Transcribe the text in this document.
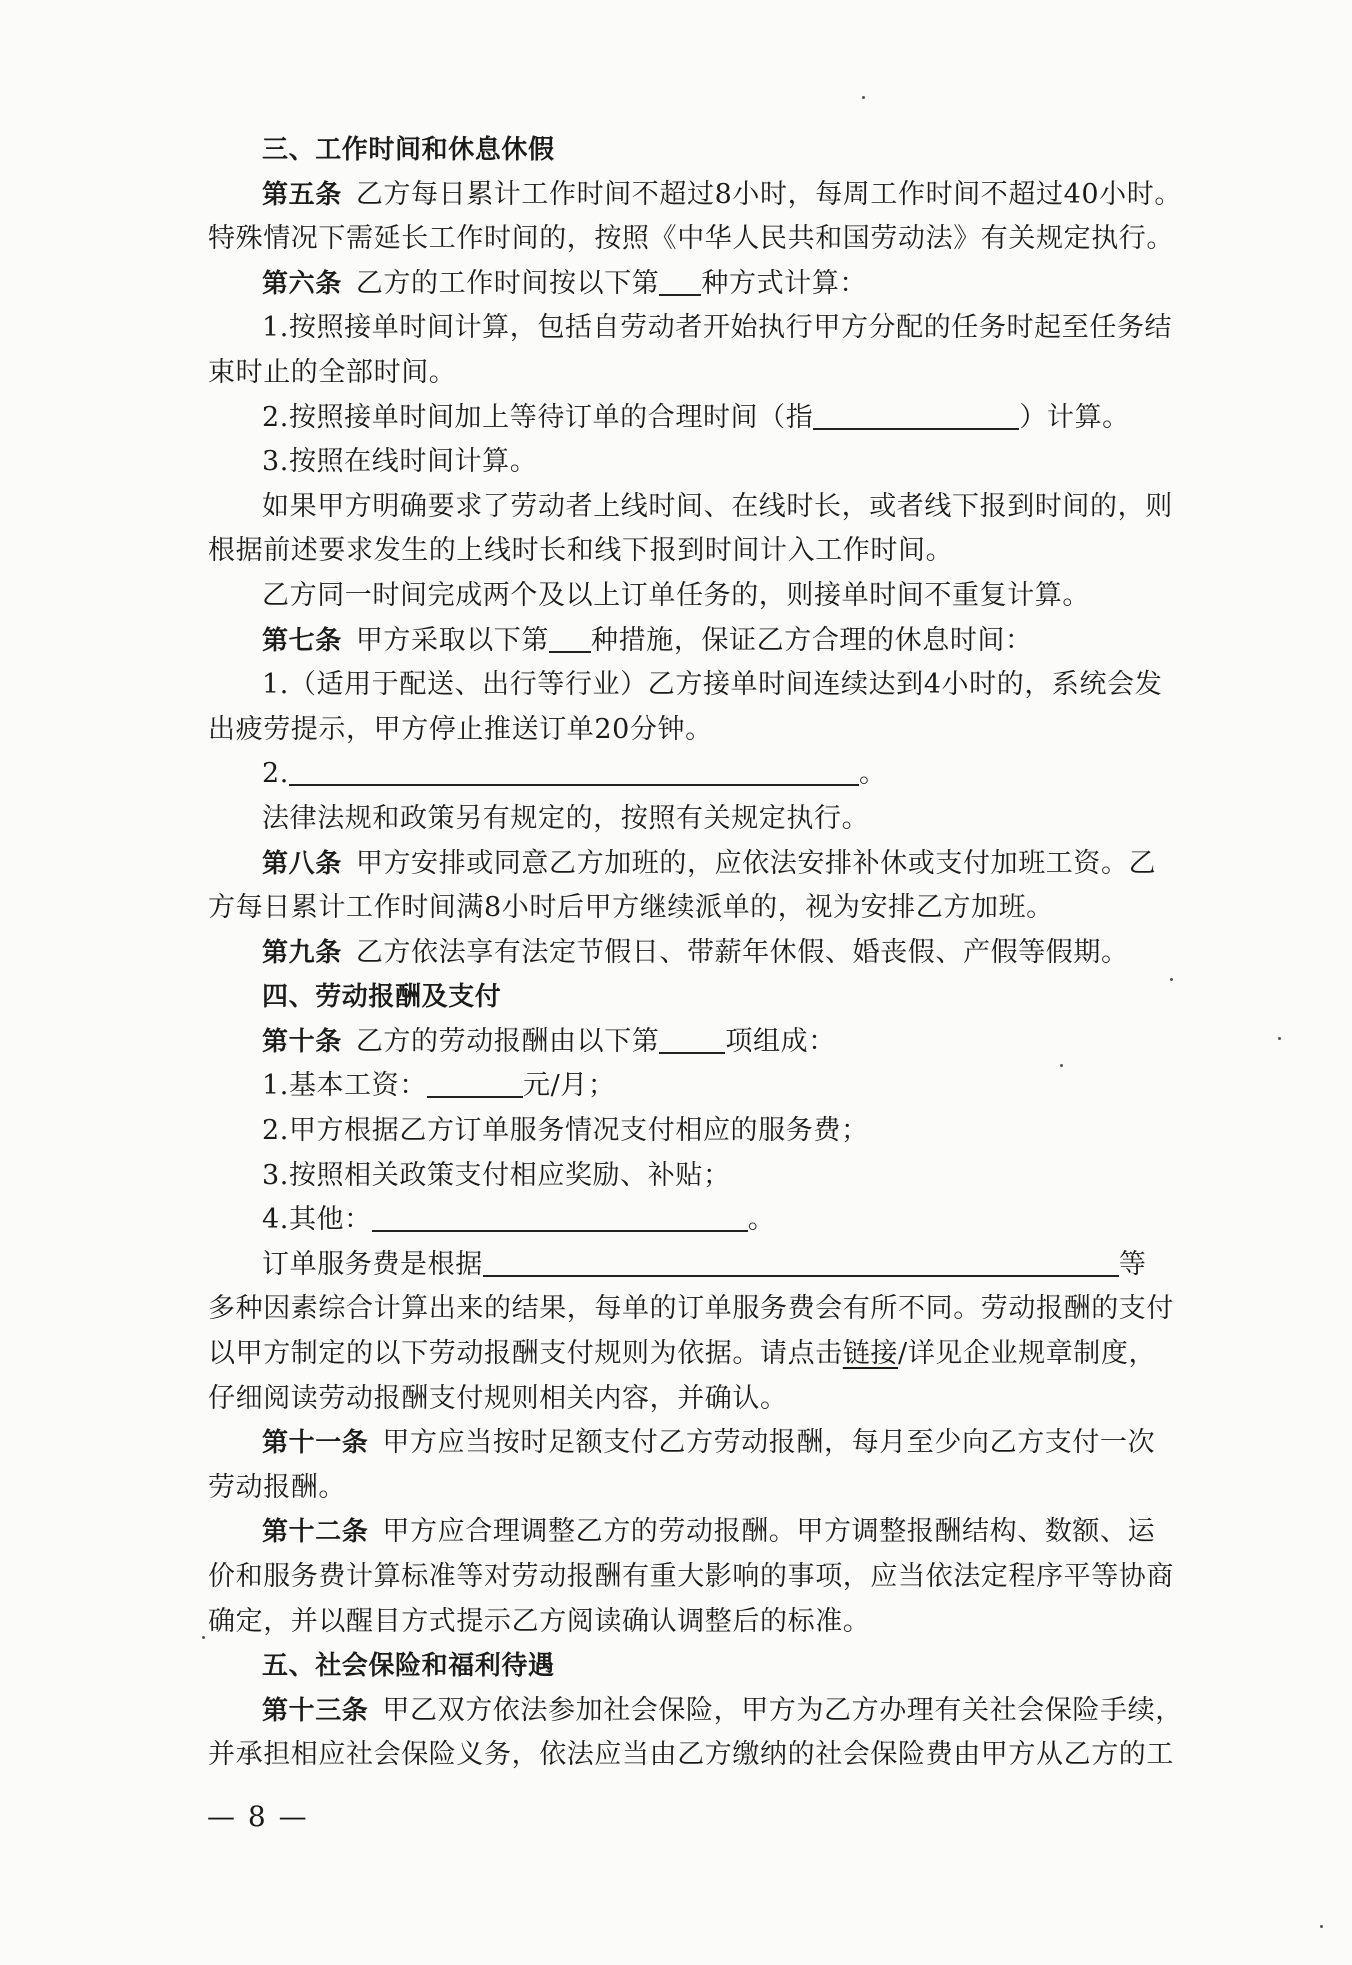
三、工作时间和休息休假
第五条 乙方每日累计工作时间不超过8小时，每周工作时间不超过40小时。
特殊情况下需延长工作时间的，按照《中华人民共和国劳动法》有关规定执行。
第六条 乙方的工作时间按以下第 种方式计算：
1.按照接单时间计算，包括自劳动者开始执行甲方分配的任务时起至任务结
束时止的全部时间。
2.按照接单时间加上等待订单的合理时间（指	）计算。
3.按照在线时间计算。
如果甲方明确要求了劳动者上线时间、在线时长，或者线下报到时间的，则
根据前述要求发生的上线时长和线下报到时间计入工作时间。
乙方同一时间完成两个及以上订单任务的，则接单时间不重复计算。
第七条 甲方采取以下第 种措施，保证乙方合理的休息时间：
1.（适用于配送、出行等行业）乙方接单时间连续达到4小时的，系统会发
出疲劳提示，甲方停止推送订单20分钟。
2.	。
法律法规和政策另有规定的，按照有关规定执行。
第八条 甲方安排或同意乙方加班的，应依法安排补休或支付加班工资。乙
方每日累计工作时间满8小时后甲方继续派单的，视为安排乙方加班。
第九条 乙方依法享有法定节假日、带薪年休假、婚丧假、产假等假期。
四、劳动报酬及支付
第十条 乙方的劳动报酬由以下第 项组成：
1.基本工资：	元/月；
2.甲方根据乙方订单服务情况支付相应的服务费；
3.按照相关政策支付相应奖励、补贴；
4.其他：	。
订单服务费是根据	等
多种因素综合计算出来的结果，每单的订单服务费会有所不同。劳动报酬的支付
以甲方制定的以下劳动报酬支付规则为依据。请点击链接/详见企业规章制度，
仔细阅读劳动报酬支付规则相关内容，并确认。
第十一条 甲方应当按时足额支付乙方劳动报酬，每月至少向乙方支付一次
劳动报酬。
第十二条 甲方应合理调整乙方的劳动报酬。甲方调整报酬结构、数额、运
价和服务费计算标准等对劳动报酬有重大影响的事项，应当依法定程序平等协商
确定，并以醒目方式提示乙方阅读确认调整后的标准。
五、社会保险和福利待遇
第十三条 甲乙双方依法参加社会保险，甲方为乙方办理有关社会保险手续，
并承担相应社会保险义务，依法应当由乙方缴纳的社会保险费由甲方从乙方的工
— 8 —
